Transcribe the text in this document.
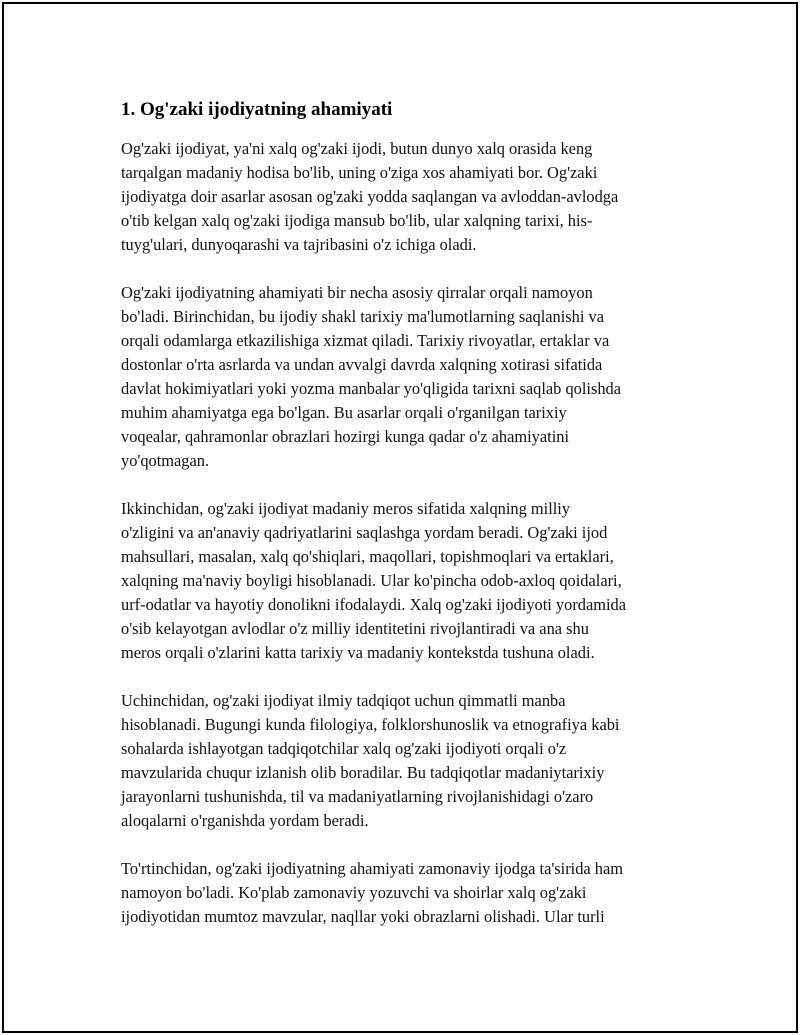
1. Og'zaki ijodiyatning ahamiyati

Og'zaki ijodiyat, ya'ni xalq og'zaki ijodi, butun dunyo xalq orasida keng
tarqalgan madaniy hodisa bo'lib, uning o'ziga xos ahamiyati bor. Og'zaki
ijodiyatga doir asarlar asosan og'zaki yodda saqlangan va avloddan-avlodga
o'tib kelgan xalq og'zaki ijodiga mansub bo'lib, ular xalqning tarixi, his-
tuyg'ulari, dunyoqarashi va tajribasini o'z ichiga oladi.

Og'zaki ijodiyatning ahamiyati bir necha asosiy qirralar orqali namoyon
bo'ladi. Birinchidan, bu ijodiy shakl tarixiy ma'lumotlarning saqlanishi va
orqali odamlarga etkazilishiga xizmat qiladi. Tarixiy rivoyatlar, ertaklar va
dostonlar o'rta asrlarda va undan avvalgi davrda xalqning xotirasi sifatida
davlat hokimiyatlari yoki yozma manbalar yo'qligida tarixni saqlab qolishda
muhim ahamiyatga ega bo'lgan. Bu asarlar orqali o'rganilgan tarixiy
voqealar, qahramonlar obrazlari hozirgi kunga qadar o'z ahamiyatini
yo'qotmagan.

Ikkinchidan, og'zaki ijodiyat madaniy meros sifatida xalqning milliy
o'zligini va an'anaviy qadriyatlarini saqlashga yordam beradi. Og'zaki ijod
mahsullari, masalan, xalq qo'shiqlari, maqollari, topishmoqlari va ertaklari,
xalqning ma'naviy boyligi hisoblanadi. Ular ko'pincha odob-axloq qoidalari,
urf-odatlar va hayotiy donolikni ifodalaydi. Xalq og'zaki ijodiyoti yordamida
o'sib kelayotgan avlodlar o'z milliy identitetini rivojlantiradi va ana shu
meros orqali o'zlarini katta tarixiy va madaniy kontekstda tushuna oladi.

Uchinchidan, og'zaki ijodiyat ilmiy tadqiqot uchun qimmatli manba
hisoblanadi. Bugungi kunda filologiya, folklorshunoslik va etnografiya kabi
sohalarda ishlayotgan tadqiqotchilar xalq og'zaki ijodiyoti orqali o'z
mavzularida chuqur izlanish olib boradilar. Bu tadqiqotlar madaniytarixiy
jarayonlarni tushunishda, til va madaniyatlarning rivojlanishidagi o'zaro
aloqalarni o'rganishda yordam beradi.

To'rtinchidan, og'zaki ijodiyatning ahamiyati zamonaviy ijodga ta'sirida ham
namoyon bo'ladi. Ko'plab zamonaviy yozuvchi va shoirlar xalq og'zaki
ijodiyotidan mumtoz mavzular, naqllar yoki obrazlarni olishadi. Ular turli
